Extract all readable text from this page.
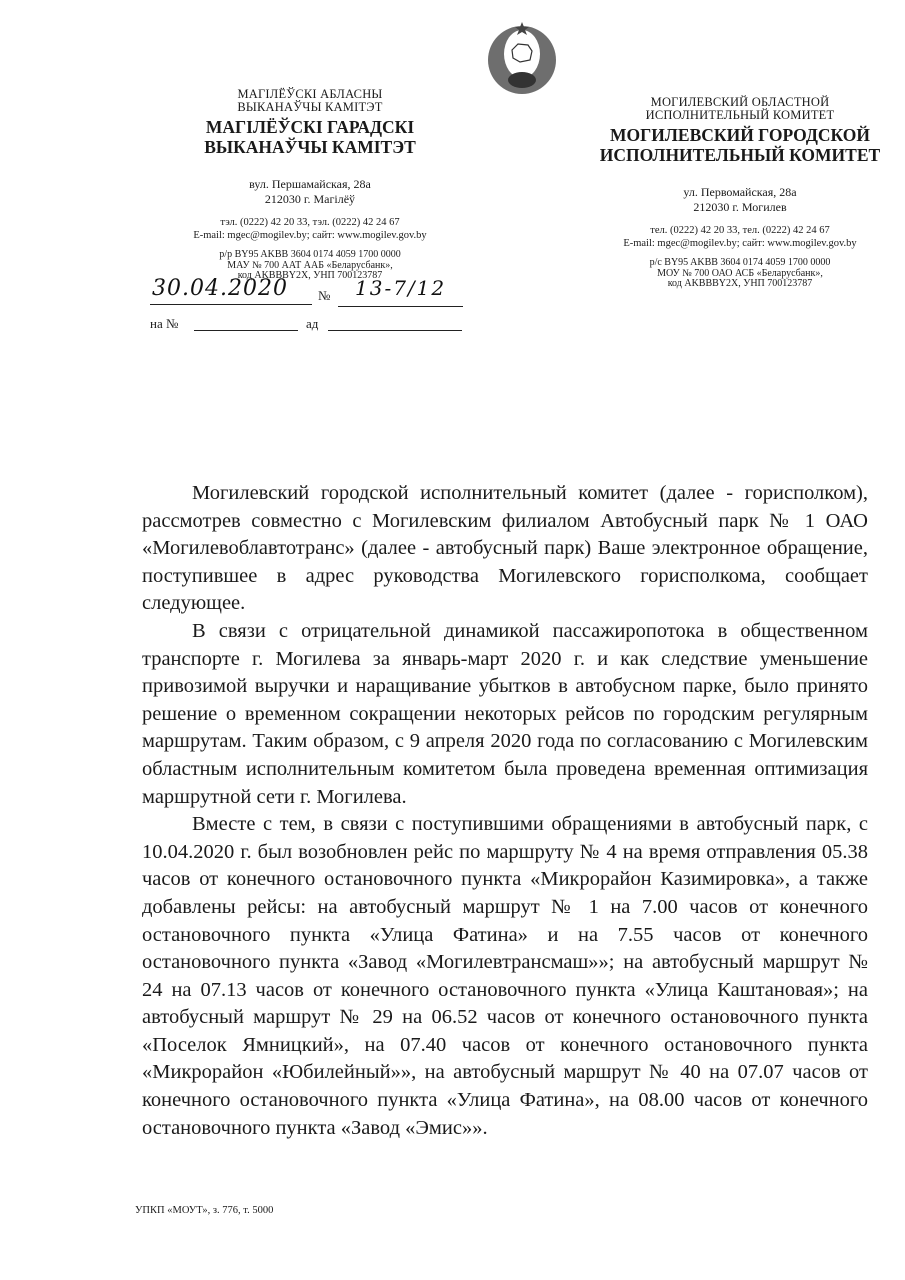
МАГІЛЁЎСКІ АБЛАСНЫ
ВЫКАНАЎЧЫ КАМІТЭТ
МАГІЛЁЎСКІ ГАРАДСКІ
ВЫКАНАЎЧЫ КАМІТЭТ
вул. Першамайская, 28а
212030 г. Магілёў
тэл. (0222) 42 20 33, тэл. (0222) 42 24 67
E-mail: mgec@mogilev.by; сайт: www.mogilev.gov.by
р/р BY95 AKBB 3604 0174 4059 1700 0000
МАУ № 700 ААТ ААБ «Беларусбанк»,
код AKBBBY2X, УНП 700123787
30.04.2020 № 13-7/12
на №	ад
МОГИЛЕВСКИЙ ОБЛАСТНОЙ
ИСПОЛНИТЕЛЬНЫЙ КОМИТЕТ
МОГИЛЕВСКИЙ ГОРОДСКОЙ
ИСПОЛНИТЕЛЬНЫЙ КОМИТЕТ
ул. Первомайская, 28а
212030 г. Могилев
тел. (0222) 42 20 33, тел. (0222) 42 24 67
E-mail: mgec@mogilev.by; сайт: www.mogilev.gov.by
р/с BY95 AKBB 3604 0174 4059 1700 0000
МОУ № 700 ОАО АСБ «Беларусбанк»,
код AKBBBY2X, УНП 700123787

Могилевский городской исполнительный комитет (далее - горисполком), рассмотрев совместно с Могилевским филиалом Автобусный парк № 1 ОАО «Могилевоблавтотранс» (далее - автобусный парк) Ваше электронное обращение, поступившее в адрес руководства Могилевского горисполкома, сообщает следующее.

В связи с отрицательной динамикой пассажиропотока в общественном транспорте г. Могилева за январь-март 2020 г. и как следствие уменьшение привозимой выручки и наращивание убытков в автобусном парке, было принято решение о временном сокращении некоторых рейсов по городским регулярным маршрутам. Таким образом, с 9 апреля 2020 года по согласованию с Могилевским областным исполнительным комитетом была проведена временная оптимизация маршрутной сети г. Могилева.

Вместе с тем, в связи с поступившими обращениями в автобусный парк, с 10.04.2020 г. был возобновлен рейс по маршруту № 4 на время отправления 05.38 часов от конечного остановочного пункта «Микрорайон Казимировка», а также добавлены рейсы: на автобусный маршрут № 1 на 7.00 часов от конечного остановочного пункта «Улица Фатина» и на 7.55 часов от конечного остановочного пункта «Завод «Могилевтрансмаш»»; на автобусный маршрут № 24 на 07.13 часов от конечного остановочного пункта «Улица Каштановая»; на автобусный маршрут № 29 на 06.52 часов от конечного остановочного пункта «Поселок Ямницкий», на 07.40 часов от конечного остановочного пункта «Микрорайон «Юбилейный»», на автобусный маршрут № 40 на 07.07 часов от конечного остановочного пункта «Улица Фатина», на 08.00 часов от конечного остановочного пункта «Завод «Эмис»».

УПКП «МОУТ», з. 776, т. 5000
